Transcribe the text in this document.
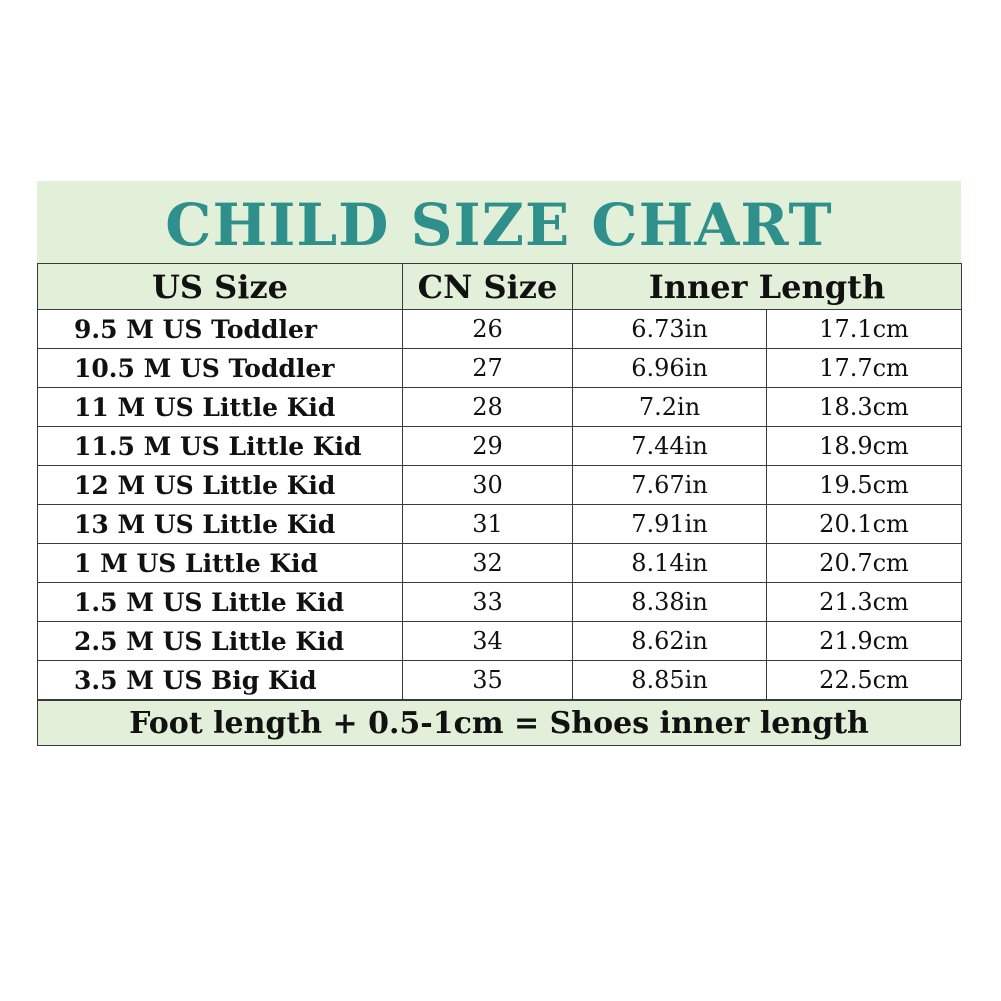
CHILD SIZE CHART
US Size	CN Size	Inner Length	
9.5 M US Toddler	26	6.73in	17.1cm
10.5 M US Toddler	27	6.96in	17.7cm
11 M US Little Kid	28	7.2in	18.3cm
11.5 M US Little Kid	29	7.44in	18.9cm
12 M US Little Kid	30	7.67in	19.5cm
13 M US Little Kid	31	7.91in	20.1cm
1 M US Little Kid	32	8.14in	20.7cm
1.5 M US Little Kid	33	8.38in	21.3cm
2.5 M US Little Kid	34	8.62in	21.9cm
3.5 M US Big Kid	35	8.85in	22.5cm
Foot length + 0.5-1cm = Shoes inner length
